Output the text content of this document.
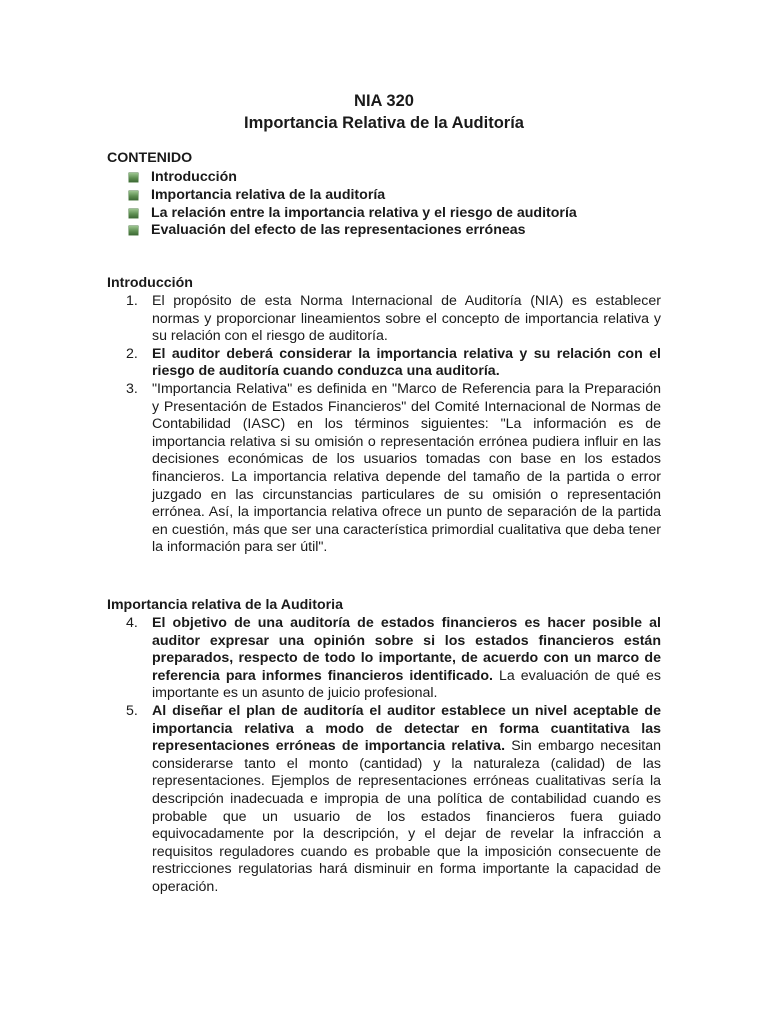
NIA 320
Importancia Relativa de la Auditoría
CONTENIDO
Introducción
Importancia relativa de la auditoría
La relación entre la importancia relativa y el riesgo de auditoría
Evaluación del efecto de las representaciones erróneas
Introducción
1. El propósito de esta Norma Internacional de Auditoría (NIA) es establecer normas y proporcionar lineamientos sobre el concepto de importancia relativa y su relación con el riesgo de auditoría.
2. El auditor deberá considerar la importancia relativa y su relación con el riesgo de auditoría cuando conduzca una auditoría.
3. "Importancia Relativa" es definida en "Marco de Referencia para la Preparación y Presentación de Estados Financieros" del Comité Internacional de Normas de Contabilidad (IASC) en los términos siguientes: "La información es de importancia relativa si su omisión o representación errónea pudiera influir en las decisiones económicas de los usuarios tomadas con base en los estados financieros. La importancia relativa depende del tamaño de la partida o error juzgado en las circunstancias particulares de su omisión o representación errónea. Así, la importancia relativa ofrece un punto de separación de la partida en cuestión, más que ser una característica primordial cualitativa que deba tener la información para ser útil".
Importancia relativa de la Auditoria
4. El objetivo de una auditoría de estados financieros es hacer posible al auditor expresar una opinión sobre si los estados financieros están preparados, respecto de todo lo importante, de acuerdo con un marco de referencia para informes financieros identificado. La evaluación de qué es importante es un asunto de juicio profesional.
5. Al diseñar el plan de auditoría el auditor establece un nivel aceptable de importancia relativa a modo de detectar en forma cuantitativa las representaciones erróneas de importancia relativa. Sin embargo necesitan considerarse tanto el monto (cantidad) y la naturaleza (calidad) de las representaciones. Ejemplos de representaciones erróneas cualitativas sería la descripción inadecuada e impropia de una política de contabilidad cuando es probable que un usuario de los estados financieros fuera guiado equivocadamente por la descripción, y el dejar de revelar la infracción a requisitos reguladores cuando es probable que la imposición consecuente de restricciones regulatorias hará disminuir en forma importante la capacidad de operación.
